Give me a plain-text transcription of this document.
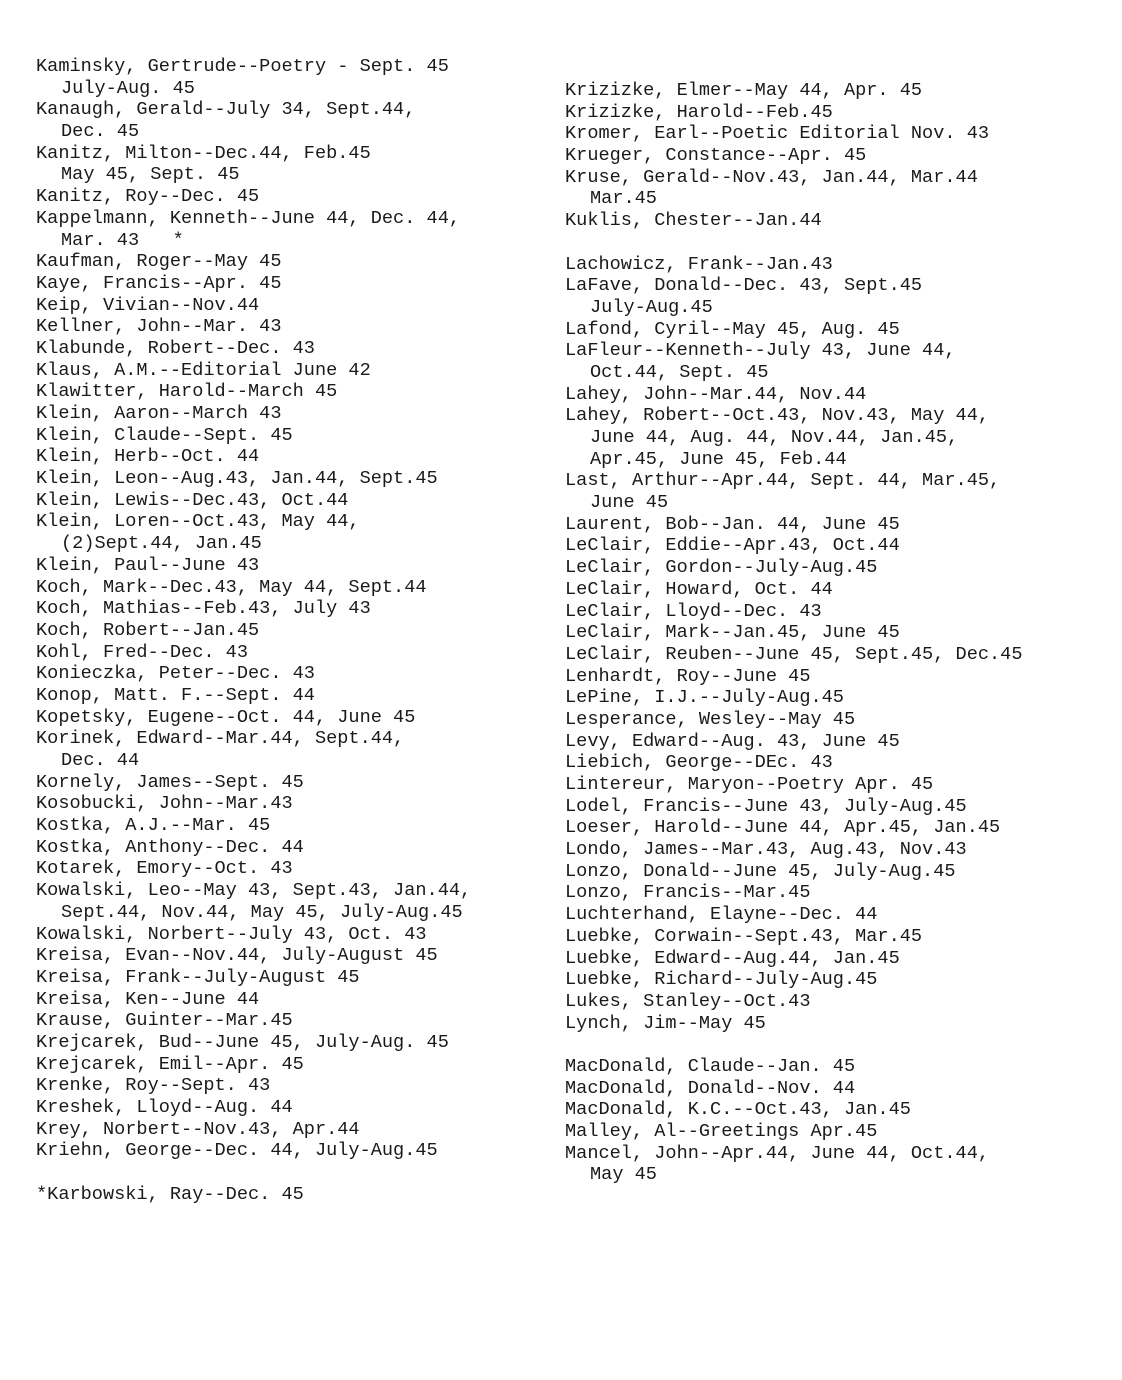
Kaminsky, Gertrude--Poetry - Sept. 45
July-Aug. 45
Kanaugh, Gerald--July 34, Sept.44,
Dec. 45
Kanitz, Milton--Dec.44, Feb.45
May 45, Sept. 45
Kanitz, Roy--Dec. 45
Kappelmann, Kenneth--June 44, Dec. 44,
Mar. 43   *
Kaufman, Roger--May 45
Kaye, Francis--Apr. 45
Keip, Vivian--Nov.44
Kellner, John--Mar. 43
Klabunde, Robert--Dec. 43
Klaus, A.M.--Editorial June 42
Klawitter, Harold--March 45
Klein, Aaron--March 43
Klein, Claude--Sept. 45
Klein, Herb--Oct. 44
Klein, Leon--Aug.43, Jan.44, Sept.45
Klein, Lewis--Dec.43, Oct.44
Klein, Loren--Oct.43, May 44,
(2)Sept.44, Jan.45
Klein, Paul--June 43
Koch, Mark--Dec.43, May 44, Sept.44
Koch, Mathias--Feb.43, July 43
Koch, Robert--Jan.45
Kohl, Fred--Dec. 43
Konieczka, Peter--Dec. 43
Konop, Matt. F.--Sept. 44
Kopetsky, Eugene--Oct. 44, June 45
Korinek, Edward--Mar.44, Sept.44,
Dec. 44
Kornely, James--Sept. 45
Kosobucki, John--Mar.43
Kostka, A.J.--Mar. 45
Kostka, Anthony--Dec. 44
Kotarek, Emory--Oct. 43
Kowalski, Leo--May 43, Sept.43, Jan.44,
Sept.44, Nov.44, May 45, July-Aug.45
Kowalski, Norbert--July 43, Oct. 43
Kreisa, Evan--Nov.44, July-August 45
Kreisa, Frank--July-August 45
Kreisa, Ken--June 44
Krause, Guinter--Mar.45
Krejcarek, Bud--June 45, July-Aug. 45
Krejcarek, Emil--Apr. 45
Krenke, Roy--Sept. 43
Kreshek, Lloyd--Aug. 44
Krey, Norbert--Nov.43, Apr.44
Kriehn, George--Dec. 44, July-Aug.45
*Karbowski, Ray--Dec. 45
Krizizke, Elmer--May 44, Apr. 45
Krizizke, Harold--Feb.45
Kromer, Earl--Poetic Editorial Nov. 43
Krueger, Constance--Apr. 45
Kruse, Gerald--Nov.43, Jan.44, Mar.44
Mar.45
Kuklis, Chester--Jan.44
Lachowicz, Frank--Jan.43
LaFave, Donald--Dec. 43, Sept.45
July-Aug.45
Lafond, Cyril--May 45, Aug. 45
LaFleur--Kenneth--July 43, June 44,
Oct.44, Sept. 45
Lahey, John--Mar.44, Nov.44
Lahey, Robert--Oct.43, Nov.43, May 44,
June 44, Aug. 44, Nov.44, Jan.45,
Apr.45, June 45, Feb.44
Last, Arthur--Apr.44, Sept. 44, Mar.45,
June 45
Laurent, Bob--Jan. 44, June 45
LeClair, Eddie--Apr.43, Oct.44
LeClair, Gordon--July-Aug.45
LeClair, Howard, Oct. 44
LeClair, Lloyd--Dec. 43
LeClair, Mark--Jan.45, June 45
LeClair, Reuben--June 45, Sept.45, Dec.45
Lenhardt, Roy--June 45
LePine, I.J.--July-Aug.45
Lesperance, Wesley--May 45
Levy, Edward--Aug. 43, June 45
Liebich, George--DEc. 43
Lintereur, Maryon--Poetry Apr. 45
Lodel, Francis--June 43, July-Aug.45
Loeser, Harold--June 44, Apr.45, Jan.45
Londo, James--Mar.43, Aug.43, Nov.43
Lonzo, Donald--June 45, July-Aug.45
Lonzo, Francis--Mar.45
Luchterhand, Elayne--Dec. 44
Luebke, Corwain--Sept.43, Mar.45
Luebke, Edward--Aug.44, Jan.45
Luebke, Richard--July-Aug.45
Lukes, Stanley--Oct.43
Lynch, Jim--May 45
MacDonald, Claude--Jan. 45
MacDonald, Donald--Nov. 44
MacDonald, K.C.--Oct.43, Jan.45
Malley, Al--Greetings Apr.45
Mancel, John--Apr.44, June 44, Oct.44,
May 45
